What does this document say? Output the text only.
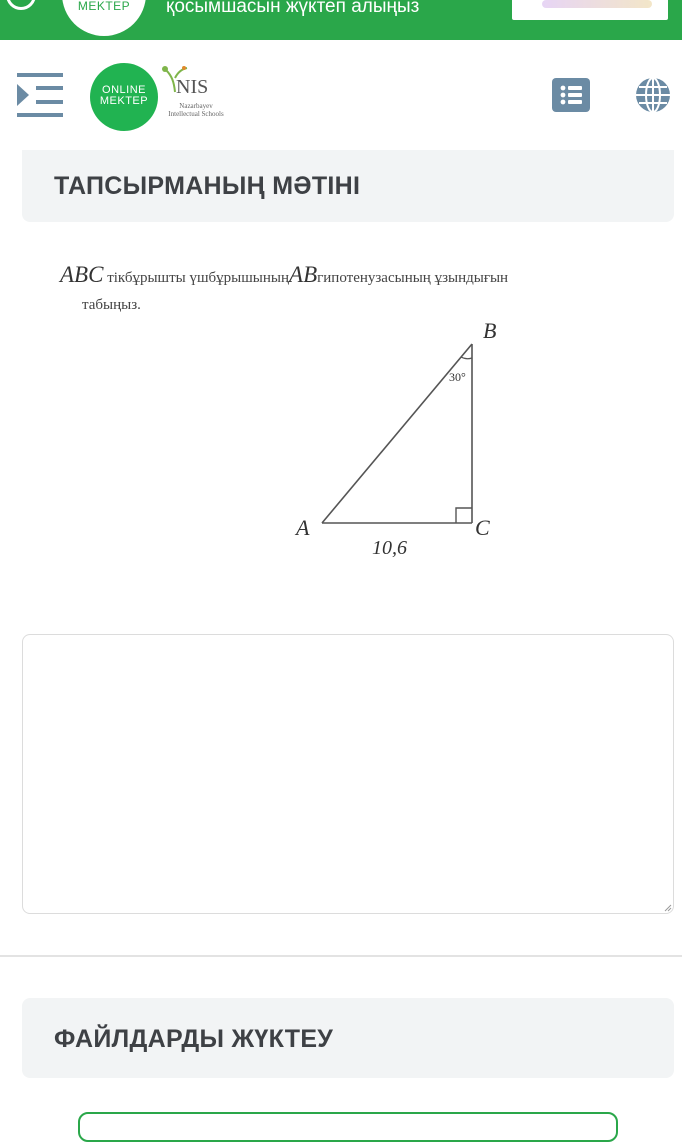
MEKTEP	қосымшасын жүктеп алыңыз
ONLINE
MEKTEP
NIS
Nazarbayev Intellectual Schools
ТАПСЫРМАНЫҢ МӘТІНІ
ABC тікбұрышты үшбұрышыныңABгипотенузасының ұзындығын
табыңыз.
B
30°
A	C
10,6
ФАЙЛДАРДЫ ЖҮКТЕУ
